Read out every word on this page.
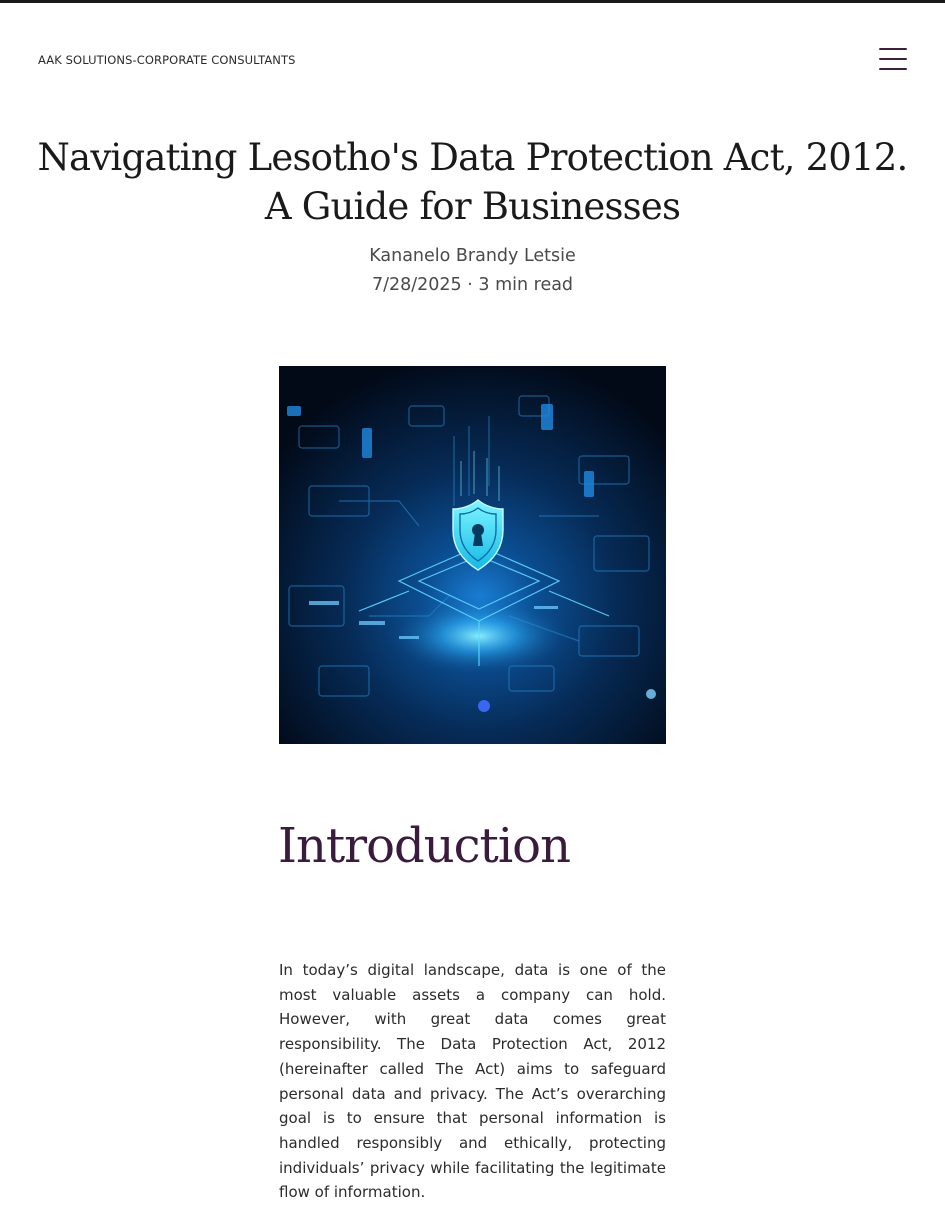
AAK SOLUTIONS-CORPORATE CONSULTANTS
Navigating Lesotho's Data Protection Act, 2012. A Guide for Businesses
Kananelo Brandy Letsie
7/28/2025 · 3 min read
Introduction

In today’s digital landscape, data is one of the most valuable assets a company can hold. However, with great data comes great responsibility. The Data Protection Act, 2012 (hereinafter called The Act) aims to safeguard personal data and privacy. The Act’s overarching goal is to ensure that personal information is handled responsibly and ethically, protecting individuals’ privacy while facilitating the legitimate flow of information.
